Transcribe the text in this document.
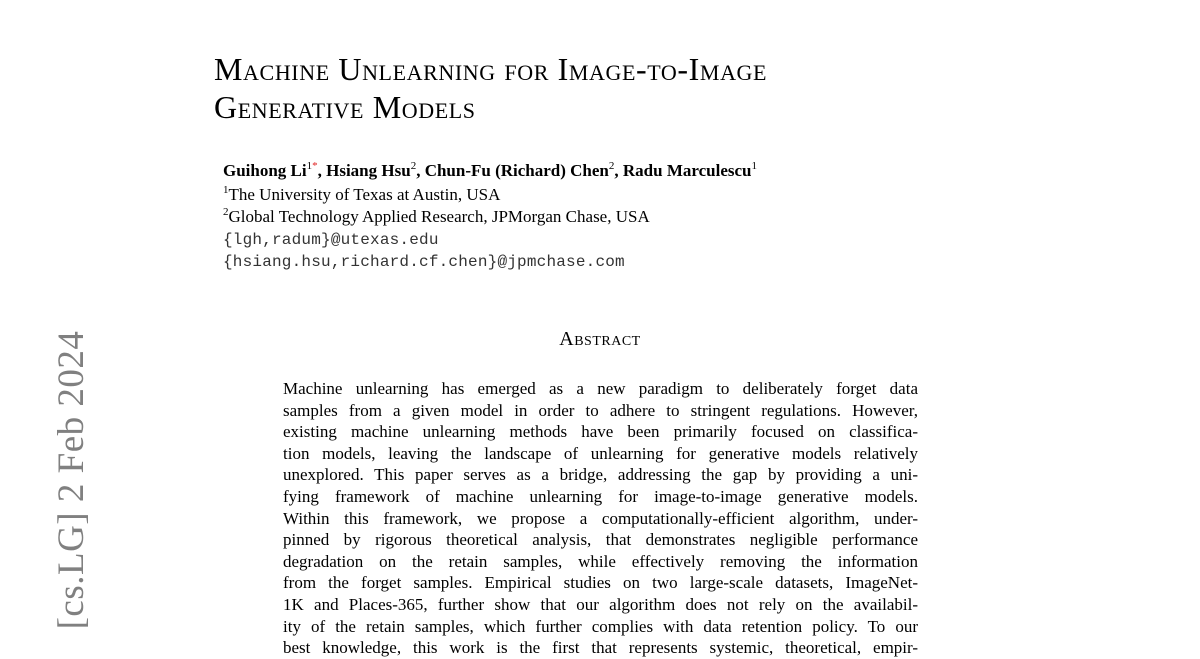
[cs.LG] 2 Feb 2024
Machine Unlearning for Image-to-Image
Generative Models
Guihong $Li^{1*}$, Hsiang Hsu$^2$, Chun-Fu (Richard) Chen$^2$, Radu Marculescu$^1$
$^1$The University of Texas at Austin, USA
$^2$Global Technology Applied Research, JPMorgan Chase, USA
{lgh,radum}@utexas.edu
{hsiang.hsu,richard.cf.chen}@jpmchase.com
Abstract
Machine unlearning has emerged as a new paradigm to deliberately forget data
samples from a given model in order to adhere to stringent regulations. However,
existing machine unlearning methods have been primarily focused on classifica-
tion models, leaving the landscape of unlearning for generative models relatively
unexplored. This paper serves as a bridge, addressing the gap by providing a uni-
fying framework of machine unlearning for image-to-image generative models.
Within this framework, we propose a computationally-efficient algorithm, under-
pinned by rigorous theoretical analysis, that demonstrates negligible performance
degradation on the retain samples, while effectively removing the information
from the forget samples. Empirical studies on two large-scale datasets, ImageNet-
1K and Places-365, further show that our algorithm does not rely on the availabil-
ity of the retain samples, which further complies with data retention policy. To our
best knowledge, this work is the first that represents systemic, theoretical, empir-
